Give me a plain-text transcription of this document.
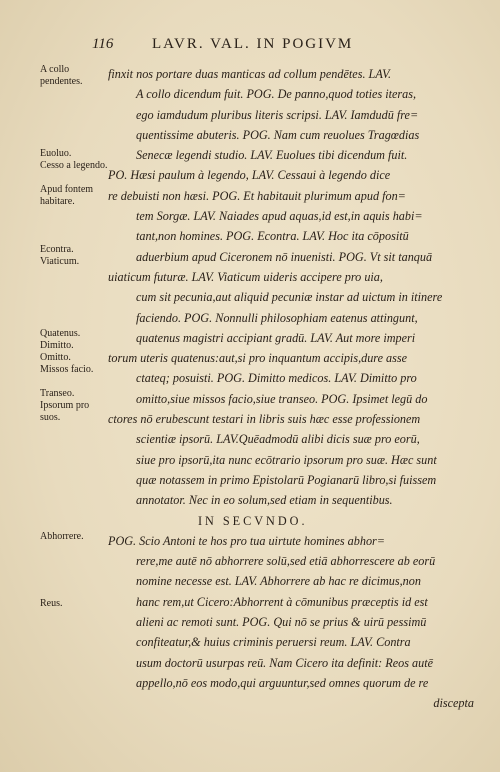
116	LAVR. VAL. IN POGIVM
A collo pendentes.
Euoluo.
Cesso a legendo.
Apud fontem habitare.
Econtra.
Viaticum.
Quatenus.
Dimitto.
Omitto.
Missos facio.
Transeo.
Ipsorum pro suos.
Abhorrere.
Reus.
finxit nos portare duas manticas ad collum pendētes. LAV.
A collo dicendum fuit. POG. De panno,quod toties iteras,
ego iamdudum pluribus literis scripsi. LAV. Iamdudū fre=
quentissime abuteris. POG. Nam cum reuolues Tragœdias
Senecæ legendi studio. LAV. Euolues tibi dicendum fuit.
PO. Hæsi paulum à legendo, LAV. Cessaui à legendo dice
re debuisti non hæsi. POG. Et habitauit plurimum apud fon=
tem Sorgæ. LAV. Naiades apud aquas,id est,in aquis habi=
tant,non homines. POG. Econtra. LAV. Hoc ita cōpositū
aduerbium apud Ciceronem nō inuenisti. POG. Vt sit tanquā
uiaticum futuræ. LAV. Viaticum uideris accipere pro uia,
cum sit pecunia,aut aliquid pecuniæ instar ad uictum in itinere
faciendo. POG. Nonnulli philosophiam eatenus attingunt,
quatenus magistri accipiant gradū. LAV. Aut more imperi
torum uteris quatenus:aut,si pro inquantum accipis,dure asse
ctateq; posuisti. POG. Dimitto medicos. LAV. Dimitto pro
omitto,siue missos facio,siue transeo. POG. Ipsimet legū do
ctores nō erubescunt testari in libris suis hæc esse professionem
scientiæ ipsorū. LAV.Quēadmodū alibi dicis suæ pro eorū,
siue pro ipsorū,ita nunc ecōtrario ipsorum pro suæ. Hæc sunt
quæ notassem in primo Epistolarū Pogianarū libro,si fuissem
annotator. Nec in eo solum,sed etiam in sequentibus.
IN SECVNDO.
POG. Scio Antoni te hos pro tua uirtute homines abhor=
rere,me autē nō abhorrere solū,sed etiā abhorrescere ab eorū
nomine necesse est. LAV. Abhorrere ab hac re dicimus,non
hanc rem,ut Cicero:Abhorrent à cōmunibus præceptis id est
alieni ac remoti sunt. POG. Qui nō se prius & uirū pessimū
confiteatur,& huius criminis peruersi reum. LAV. Contra
usum doctorū usurpas reū. Nam Cicero ita definit: Reos autē
appello,nō eos modo,qui arguuntur,sed omnes quorum de re
discepta
